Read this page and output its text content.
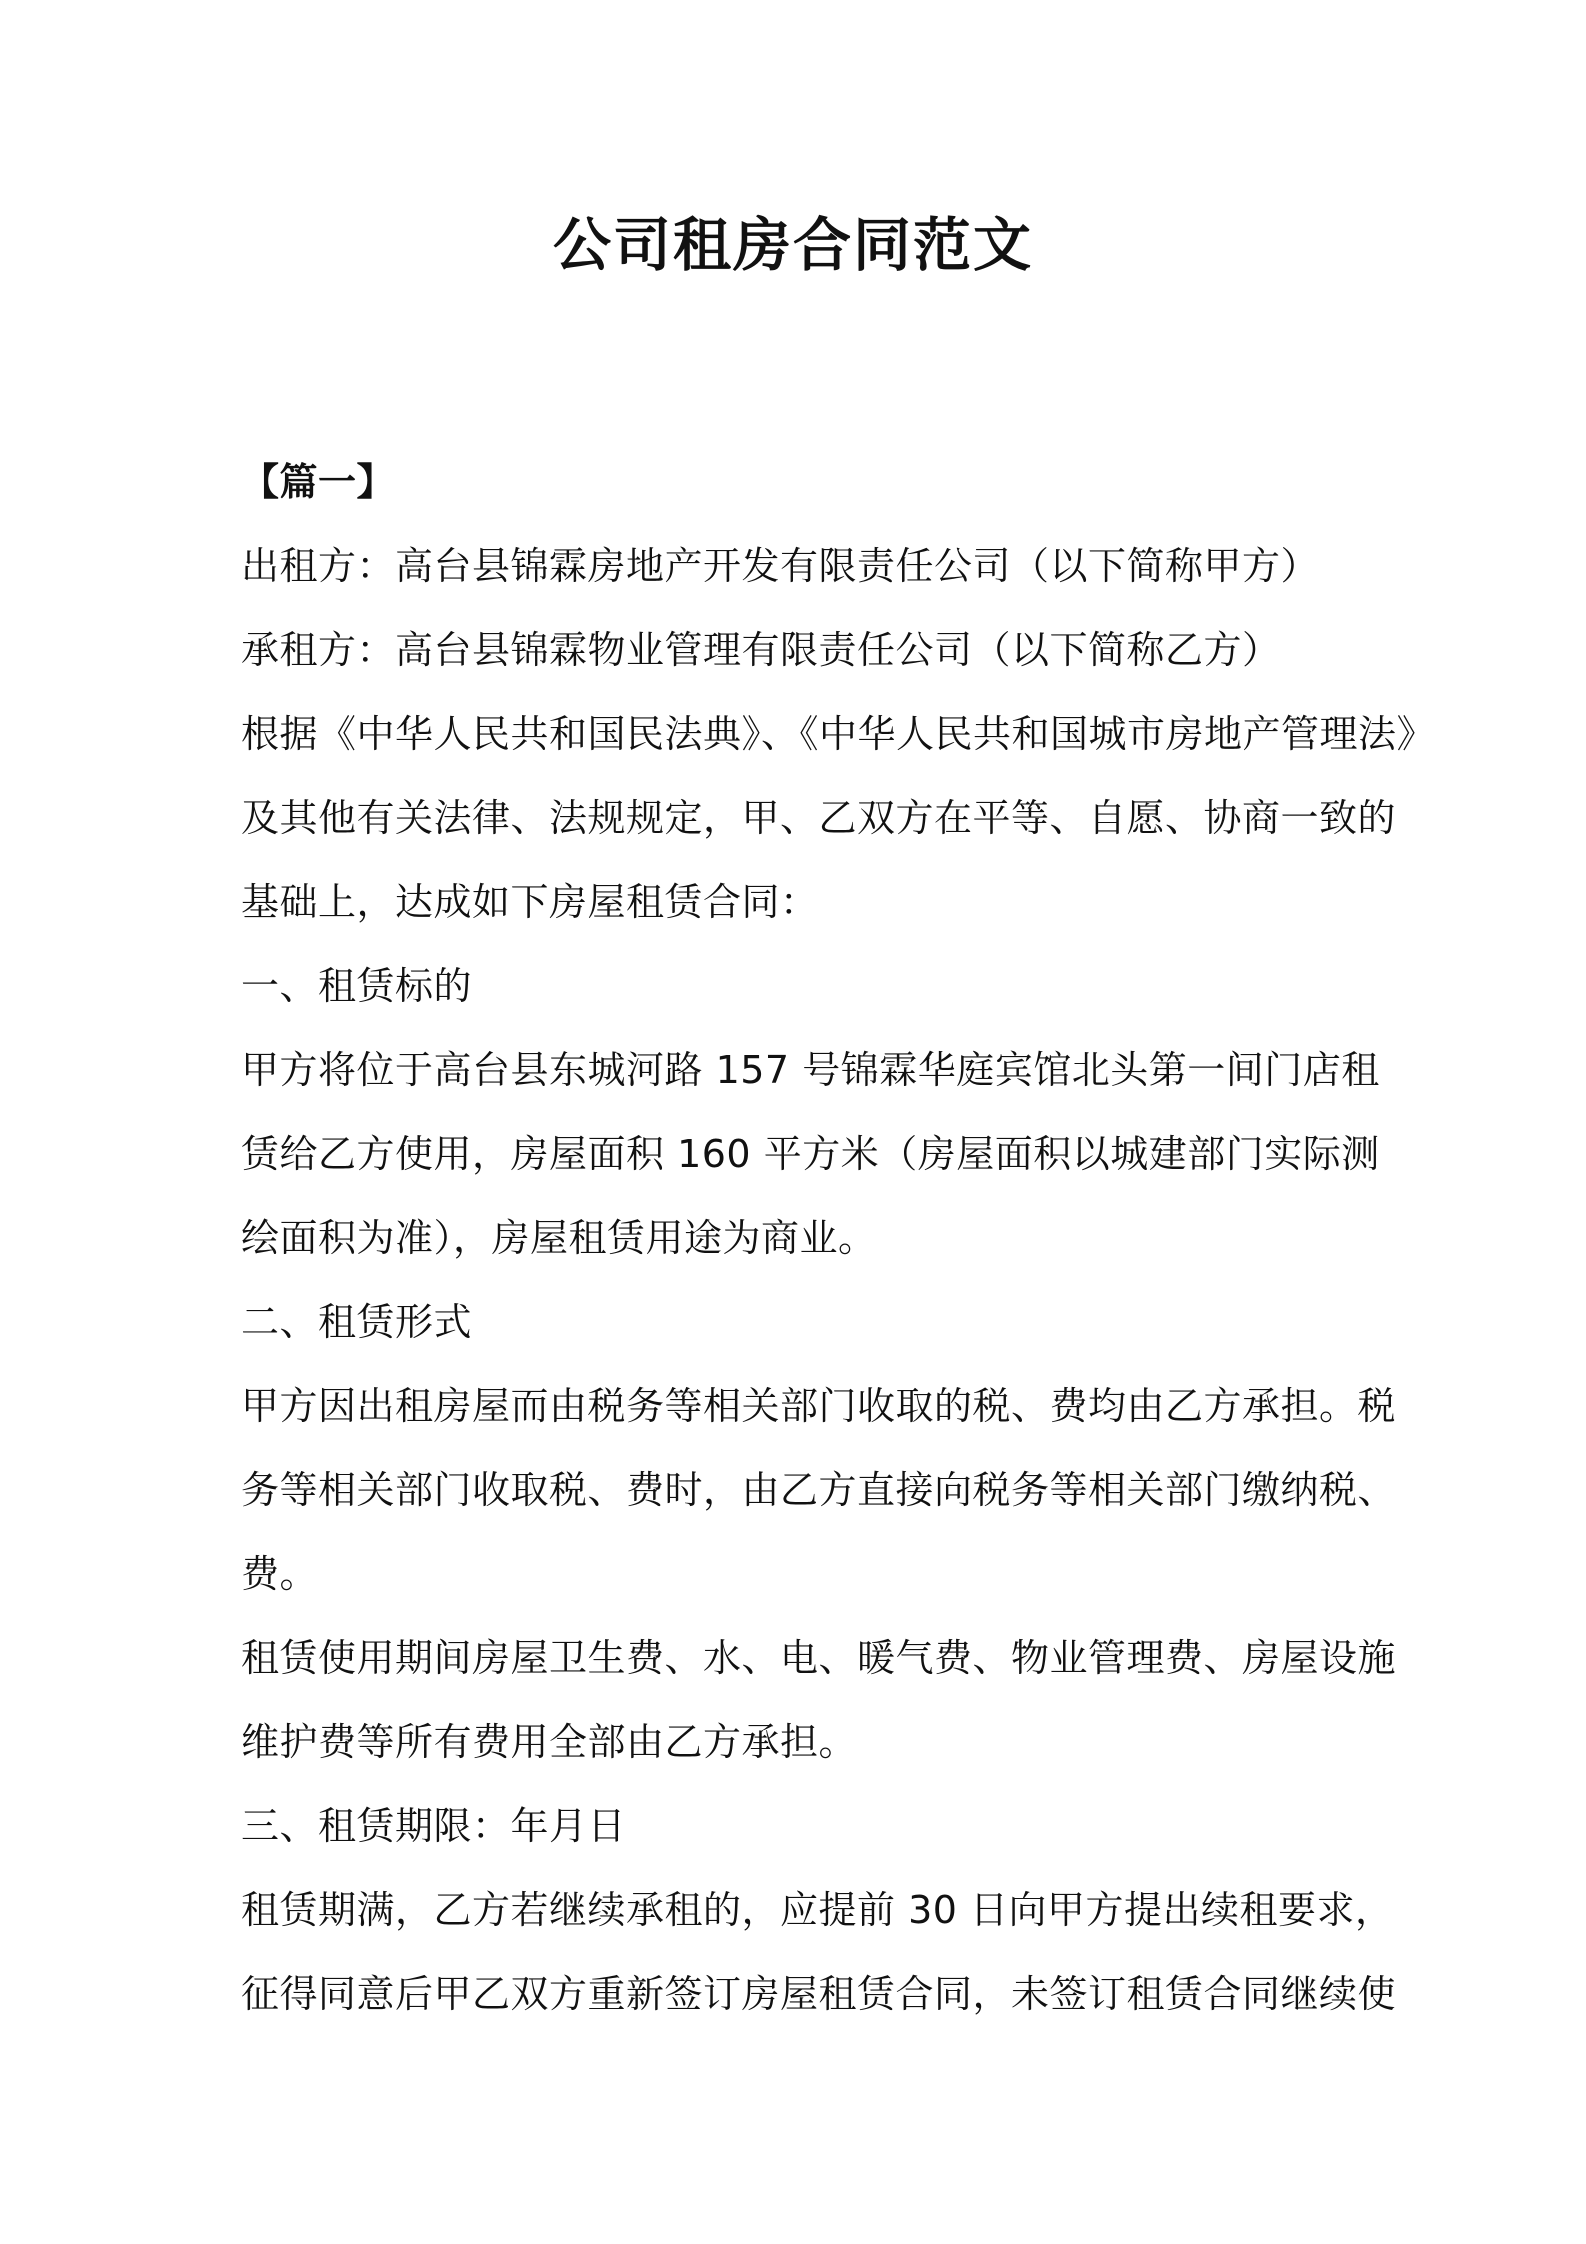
公司租房合同范文
【篇一】
出租方：高台县锦霖房地产开发有限责任公司（以下简称甲方）
承租方：高台县锦霖物业管理有限责任公司（以下简称乙方）
根据《中华人民共和国民法典》、《中华人民共和国城市房地产管理法》
及其他有关法律、法规规定，甲、乙双方在平等、自愿、协商一致的
基础上，达成如下房屋租赁合同：
一、租赁标的
甲方将位于高台县东城河路 157 号锦霖华庭宾馆北头第一间门店租
赁给乙方使用，房屋面积 160 平方米（房屋面积以城建部门实际测
绘面积为准），房屋租赁用途为商业。
二、租赁形式
甲方因出租房屋而由税务等相关部门收取的税、费均由乙方承担。税
务等相关部门收取税、费时，由乙方直接向税务等相关部门缴纳税、
费。
租赁使用期间房屋卫生费、水、电、暖气费、物业管理费、房屋设施
维护费等所有费用全部由乙方承担。
三、租赁期限：年月日
租赁期满，乙方若继续承租的，应提前 30 日向甲方提出续租要求，
征得同意后甲乙双方重新签订房屋租赁合同，未签订租赁合同继续使
